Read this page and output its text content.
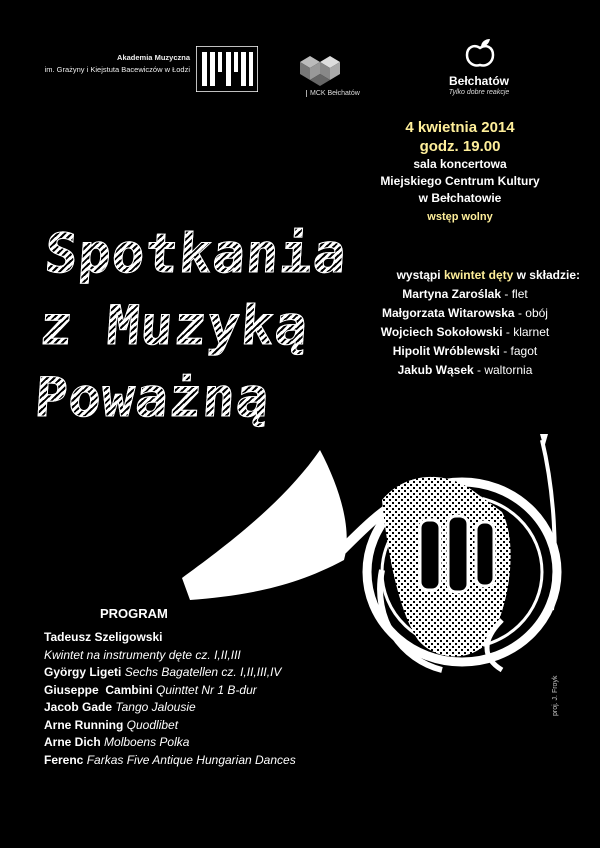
Akademia Muzyczna
im. Grażyny i Kiejstuta Bacewiczów w Łodzi
MCK Bełchatów
Bełchatów
Tylko dobre reakcje
4 kwietnia 2014
godz. 19.00
sala koncertowa
Miejskiego Centrum Kultury
w Bełchatowie
wstęp wolny
Spotkania
z Muzyką
Poważną
wystąpi kwintet dęty w składzie:
Martyna Zaroślak - flet
Małgorzata Witarowska - obój
Wojciech Sokołowski - klarnet
Hipolit Wróblewski - fagot
Jakub Wąsek - waltornia
PROGRAM
Tadeusz Szeligowski
Kwintet na instrumenty dęte cz. I,II,III
György Ligeti Sechs Bagatellen cz. I,II,III,IV
Giuseppe  Cambini Quinttet Nr 1 B-dur
Jacob Gade Tango Jalousie
Arne Running Quodlibet
Arne Dich Molboens Polka
Ferenc Farkas Five Antique Hungarian Dances
proj. J. Froyk
